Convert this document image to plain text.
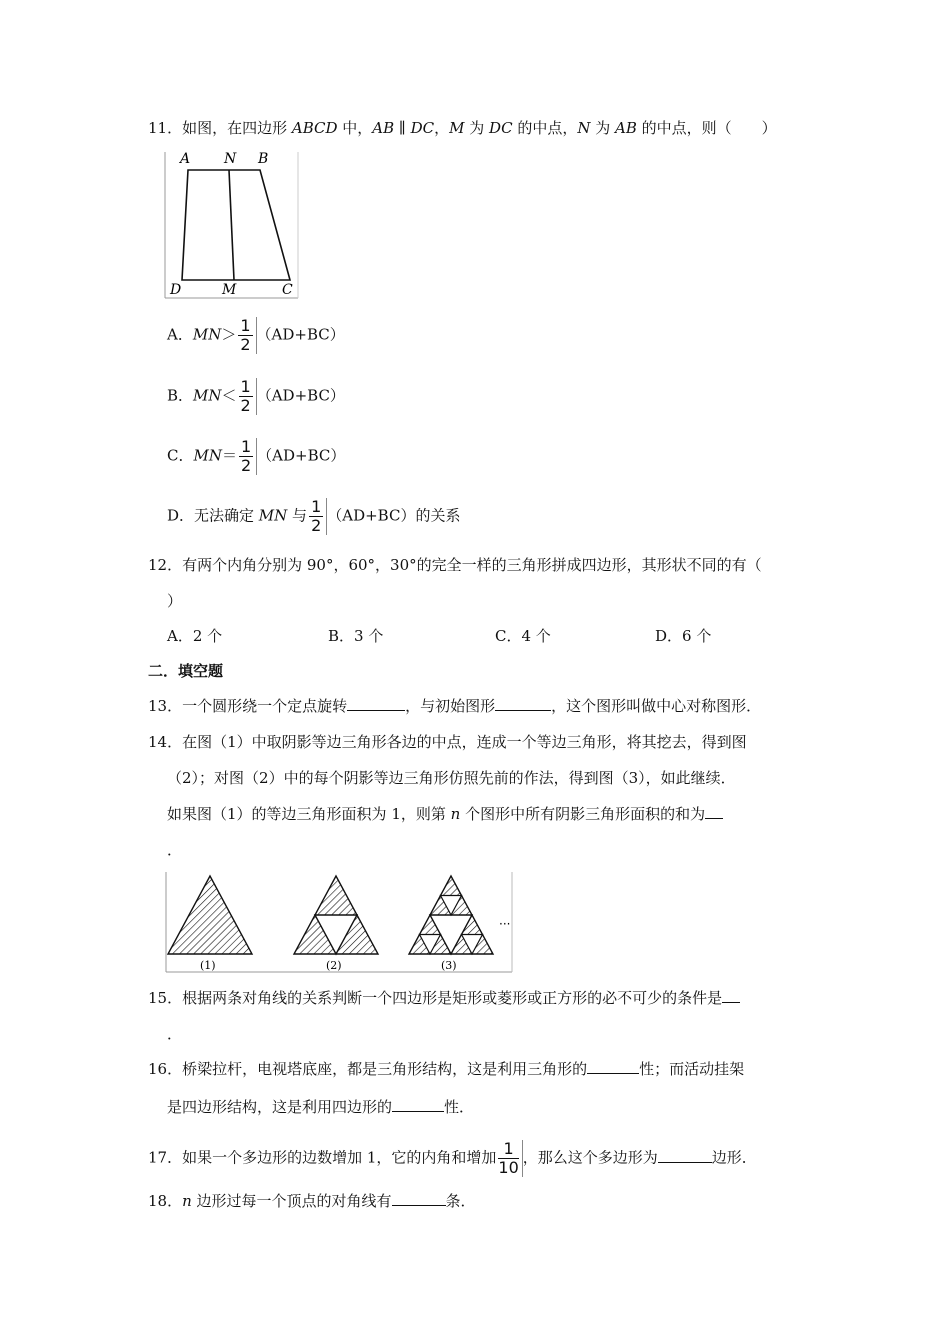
11．如图，在四边形 ABCD 中，AB ∥ DC，M 为 DC 的中点，N 为 AB 的中点，则（　　）
A N B
D	M	C
A．$MN> \frac{1}{2} (AD+BC)$
B．$MN< \frac{1}{2} (AD+BC)$
C．$MN= \frac{1}{2} (AD+BC)$
D．无法确定 MN 与 $\frac{1}{2} (AD+BC)$的关系
12．有两个内角分别为 90°，60°，30°的完全一样的三角形拼成四边形，其形状不同的有（
）
A．2 个	B．3 个	C．4 个	D．6 个
二．填空题
13．一个圆形绕一个定点旋转	，与初始图形	，这个图形叫做中心对称图形．
14．在图（1）中取阴影等边三角形各边的中点，连成一个等边三角形，将其挖去，得到图
（2）；对图（2）中的每个阴影等边三角形仿照先前的作法，得到图（3），如此继续．
如果图（1）的等边三角形面积为 1，则第 n 个图形中所有阴影三角形面积的和为
．
···
(1)	(2)	(3)
15．根据两条对角线的关系判断一个四边形是矩形或菱形或正方形的必不可少的条件是
．
16．桥梁拉杆，电视塔底座，都是三角形结构，这是利用三角形的	性；而活动挂架
是四边形结构，这是利用四边形的	性．
17．如果一个多边形的边数增加 1，它的内角和增加 $\frac{1}{10}$ ，那么这个多边形为	边形．
18．n 边形过每一个顶点的对角线有	条．
